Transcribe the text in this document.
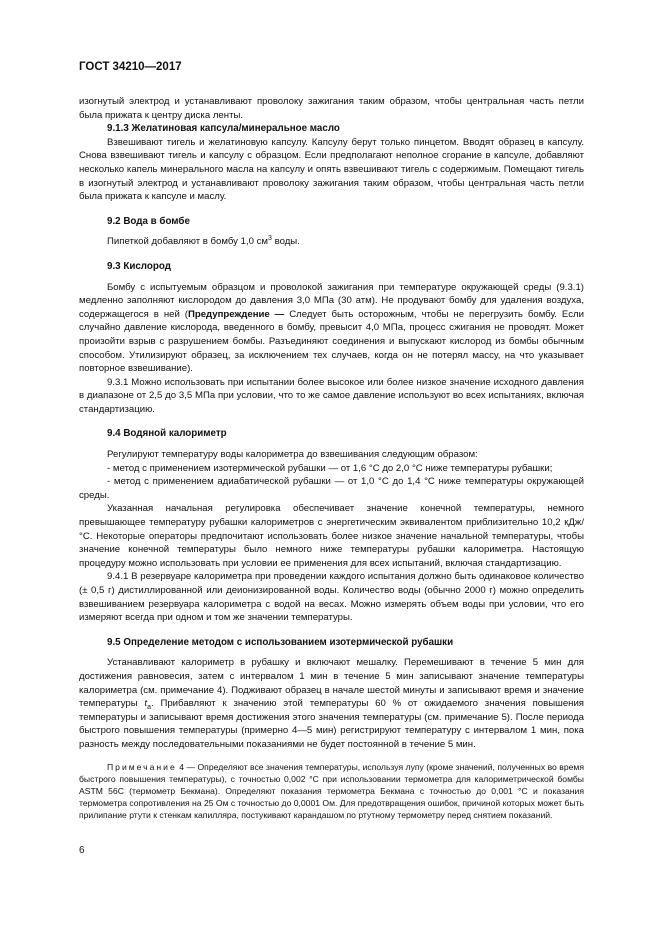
ГОСТ 34210—2017

изогнутый электрод и устанавливают проволоку зажигания таким образом, чтобы центральная часть петли была прижата к центру диска ленты.

9.1.3 Желатиновая капсула/минеральное масло

Взвешивают тигель и желатиновую капсулу. Капсулу берут только пинцетом. Вводят образец в капсулу. Снова взвешивают тигель и капсулу с образцом. Если предполагают неполное сгорание в капсуле, добавляют несколько капель минерального масла на капсулу и опять взвешивают тигель с содержимым. Помещают тигель в изогнутый электрод и устанавливают проволоку зажигания таким образом, чтобы центральная часть петли была прижата к капсуле и маслу.

9.2 Вода в бомбе

Пипеткой добавляют в бомбу 1,0 $см^3$ воды.

9.3 Кислород

Бомбу с испытуемым образцом и проволокой зажигания при температуре окружающей среды (9.3.1) медленно заполняют кислородом до давления 3,0 МПа (30 атм). Не продувают бомбу для удаления воздуха, содержащегося в ней (Предупреждение — Следует быть осторожным, чтобы не перегрузить бомбу. Если случайно давление кислорода, введенного в бомбу, превысит 4,0 МПа, процесс сжигания не проводят. Может произойти взрыв с разрушением бомбы. Разъединяют соединения и выпускают кислород из бомбы обычным способом. Утилизируют образец, за исключением тех случаев, когда он не потерял массу, на что указывает повторное взвешивание).

9.3.1 Можно использовать при испытании более высокое или более низкое значение исходного давления в диапазоне от 2,5 до 3,5 МПа при условии, что то же самое давление используют во всех испытаниях, включая стандартизацию.

9.4 Водяной калориметр

Регулируют температуру воды калориметра до взвешивания следующим образом:

- метод с применением изотермической рубашки — от 1,6 °С до 2,0 °С ниже температуры рубашки;

- метод с применением адиабатической рубашки — от 1,0 °С до 1,4 °С ниже температуры окружающей среды.

Указанная начальная регулировка обеспечивает значение конечной температуры, немного превышающее температуру рубашки калориметров с энергетическим эквивалентом приблизительно 10,2 кДж/°С. Некоторые операторы предпочитают использовать более низкое значение начальной температуры, чтобы значение конечной температуры было немного ниже температуры рубашки калориметра. Настоящую процедуру можно использовать при условии ее применения для всех испытаний, включая стандартизацию.

9.4.1 В резервуаре калориметра при проведении каждого испытания должно быть одинаковое количество (± 0,5 г) дистиллированной или деионизированной воды. Количество воды (обычно 2000 г) можно определить взвешиванием резервуара калориметра с водой на весах. Можно измерять объем воды при условии, что его измеряют всегда при одном и том же значении температуры.

9.5 Определение методом с использованием изотермической рубашки

Устанавливают калориметр в рубашку и включают мешалку. Перемешивают в течение 5 мин для достижения равновесия, затем с интервалом 1 мин в течение 5 мин записывают значение температуры калориметра (см. примечание 4). Подживают образец в начале шестой минуты и записывают время и значение температуры $t_a$. Прибавляют к значению этой температуры 60 % от ожидаемого значения повышения температуры и записывают время достижения этого значения температуры (см. примечание 5). После периода быстрого повышения температуры (примерно 4—5 мин) регистрируют температуру с интервалом 1 мин, пока разность между последовательными показаниями не будет постоянной в течение 5 мин.

Примечание 4 — Определяют все значения температуры, используя лупу (кроме значений, полученных во время быстрого повышения температуры), с точностью 0,002 °С при использовании термометра для калориметрической бомбы ASTM 56С (термометр Бекмана). Определяют показания термометра Бекмана с точностью до 0,001 °С и показания термометра сопротивления на 25 Ом с точностью до 0,0001 Ом. Для предотвращения ошибок, причиной которых может быть прилипание ртути к стенкам капилляра, постукивают карандашом по ртутному термометру перед снятием показаний.

6
